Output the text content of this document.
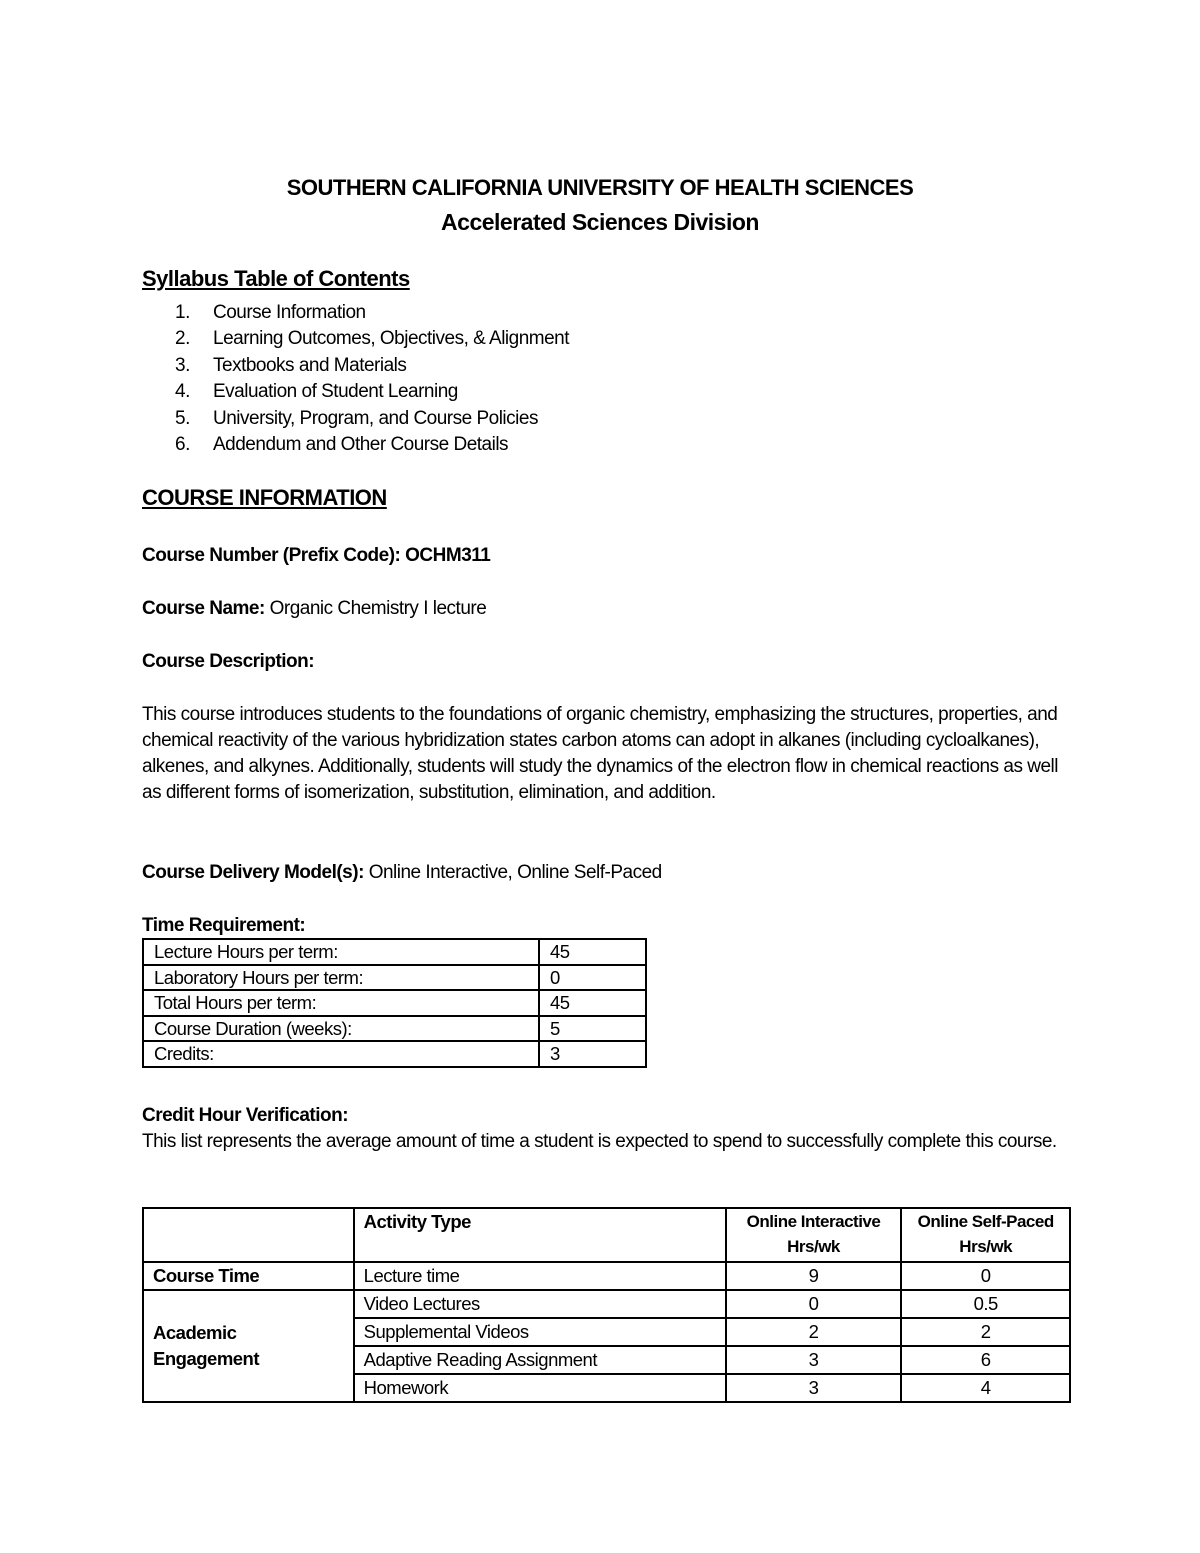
SOUTHERN CALIFORNIA UNIVERSITY OF HEALTH SCIENCES
Accelerated Sciences Division
Syllabus Table of Contents
1. Course Information
2. Learning Outcomes, Objectives, & Alignment
3. Textbooks and Materials
4. Evaluation of Student Learning
5. University, Program, and Course Policies
6. Addendum and Other Course Details
COURSE INFORMATION
Course Number (Prefix Code): OCHM311
Course Name: Organic Chemistry I lecture
Course Description:
This course introduces students to the foundations of organic chemistry, emphasizing the structures, properties, and chemical reactivity of the various hybridization states carbon atoms can adopt in alkanes (including cycloalkanes), alkenes, and alkynes. Additionally, students will study the dynamics of the electron flow in chemical reactions as well as different forms of isomerization, substitution, elimination, and addition.
Course Delivery Model(s): Online Interactive, Online Self-Paced
Time Requirement:
Lecture Hours per term:	45
Laboratory Hours per term:	0
Total Hours per term:	45
Course Duration (weeks):	5
Credits:	3
Credit Hour Verification:
This list represents the average amount of time a student is expected to spend to successfully complete this course.
	Activity Type	Online Interactive Hrs/wk	Online Self-Paced Hrs/wk
Course Time	Lecture time	9	0
Academic Engagement	Video Lectures	0	0.5
	Supplemental Videos	2	2
	Adaptive Reading Assignment	3	6
	Homework	3	4
